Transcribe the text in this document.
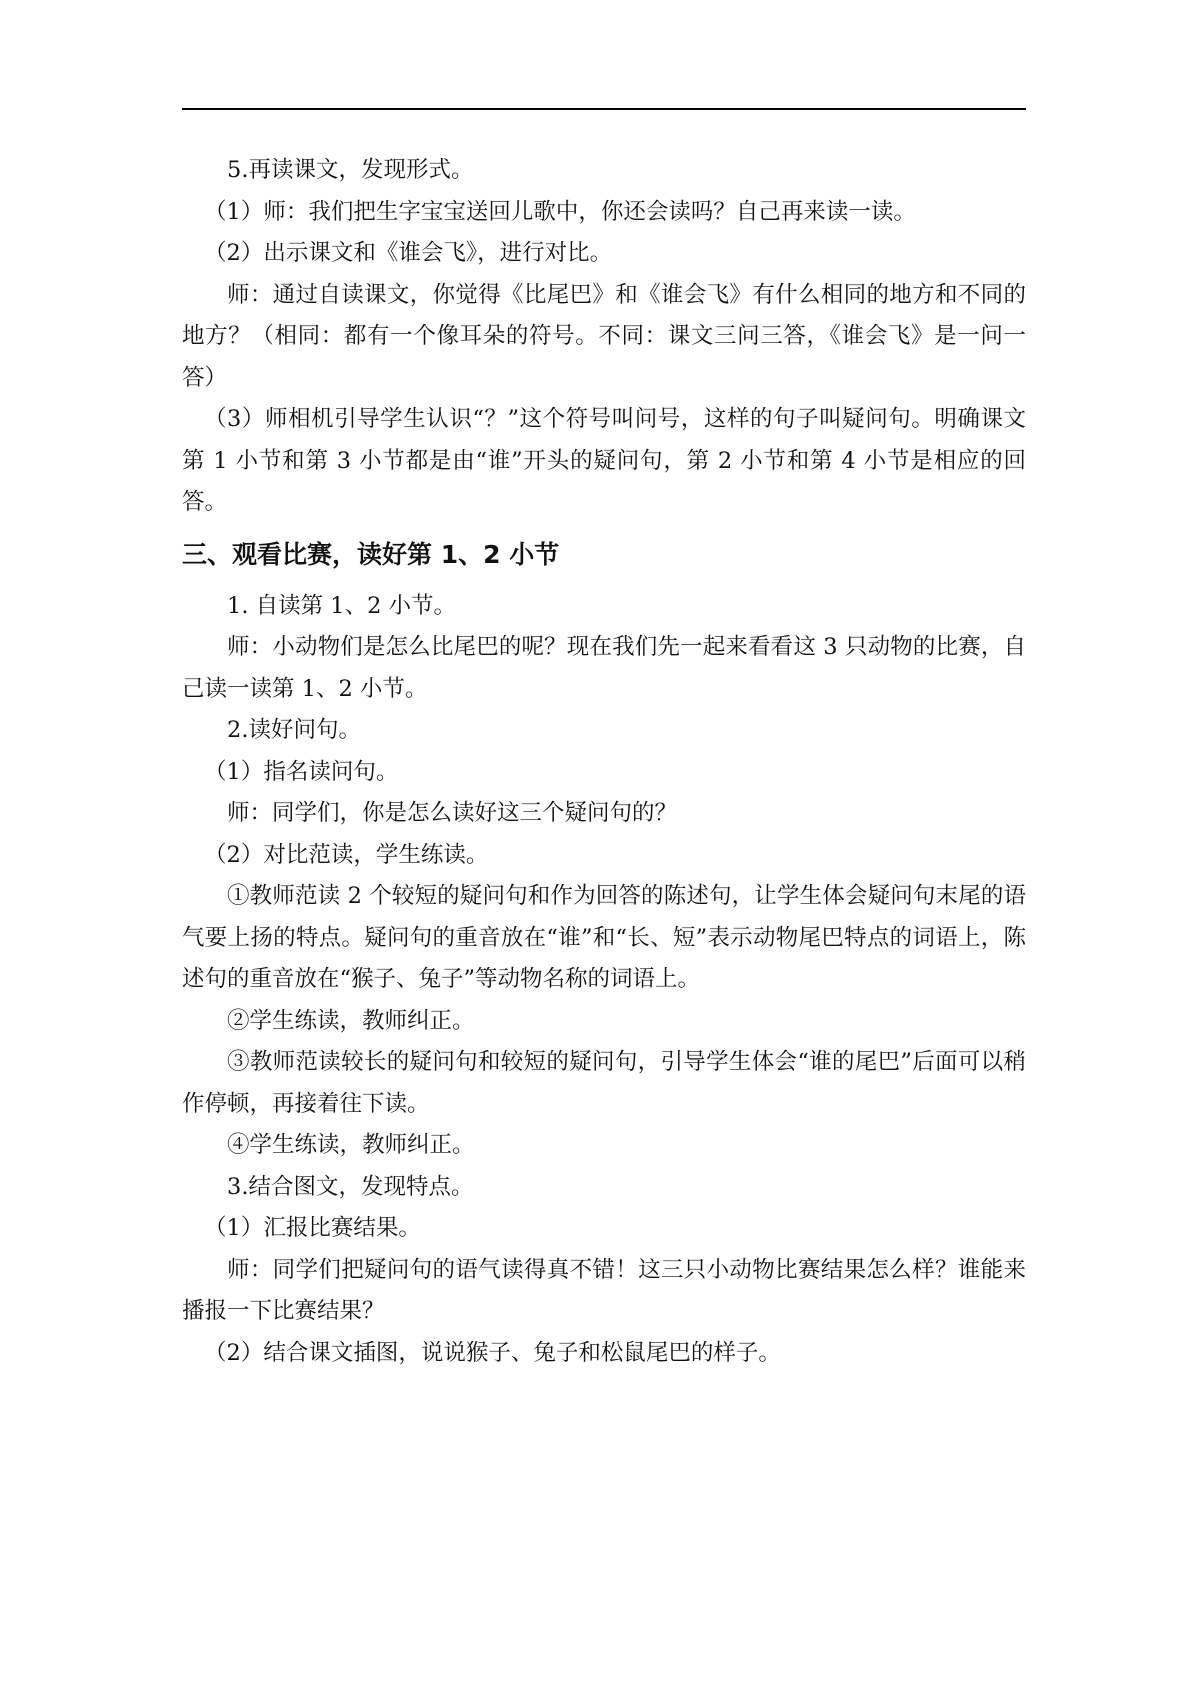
5.再读课文，发现形式。

（1）师：我们把生字宝宝送回儿歌中，你还会读吗？自己再来读一读。

（2）出示课文和《谁会飞》，进行对比。

师：通过自读课文，你觉得《比尾巴》和《谁会飞》有什么相同的地方和不同的地方？（相同：都有一个像耳朵的符号。不同：课文三问三答，《谁会飞》是一问一答）

（3）师相机引导学生认识“？”这个符号叫问号，这样的句子叫疑问句。明确课文第 1 小节和第 3 小节都是由“谁”开头的疑问句，第 2 小节和第 4 小节是相应的回答。

三、观看比赛，读好第 1、2 小节

1. 自读第 1、2 小节。

师：小动物们是怎么比尾巴的呢？现在我们先一起来看看这 3 只动物的比赛，自己读一读第 1、2 小节。

2.读好问句。

（1）指名读问句。

师：同学们，你是怎么读好这三个疑问句的？

（2）对比范读，学生练读。

①教师范读 2 个较短的疑问句和作为回答的陈述句，让学生体会疑问句末尾的语气要上扬的特点。疑问句的重音放在“谁”和“长、短”表示动物尾巴特点的词语上，陈述句的重音放在“猴子、兔子”等动物名称的词语上。

②学生练读，教师纠正。

③教师范读较长的疑问句和较短的疑问句，引导学生体会“谁的尾巴”后面可以稍作停顿，再接着往下读。

④学生练读，教师纠正。

3.结合图文，发现特点。

（1）汇报比赛结果。

师：同学们把疑问句的语气读得真不错！这三只小动物比赛结果怎么样？谁能来播报一下比赛结果？

（2）结合课文插图，说说猴子、兔子和松鼠尾巴的样子。
